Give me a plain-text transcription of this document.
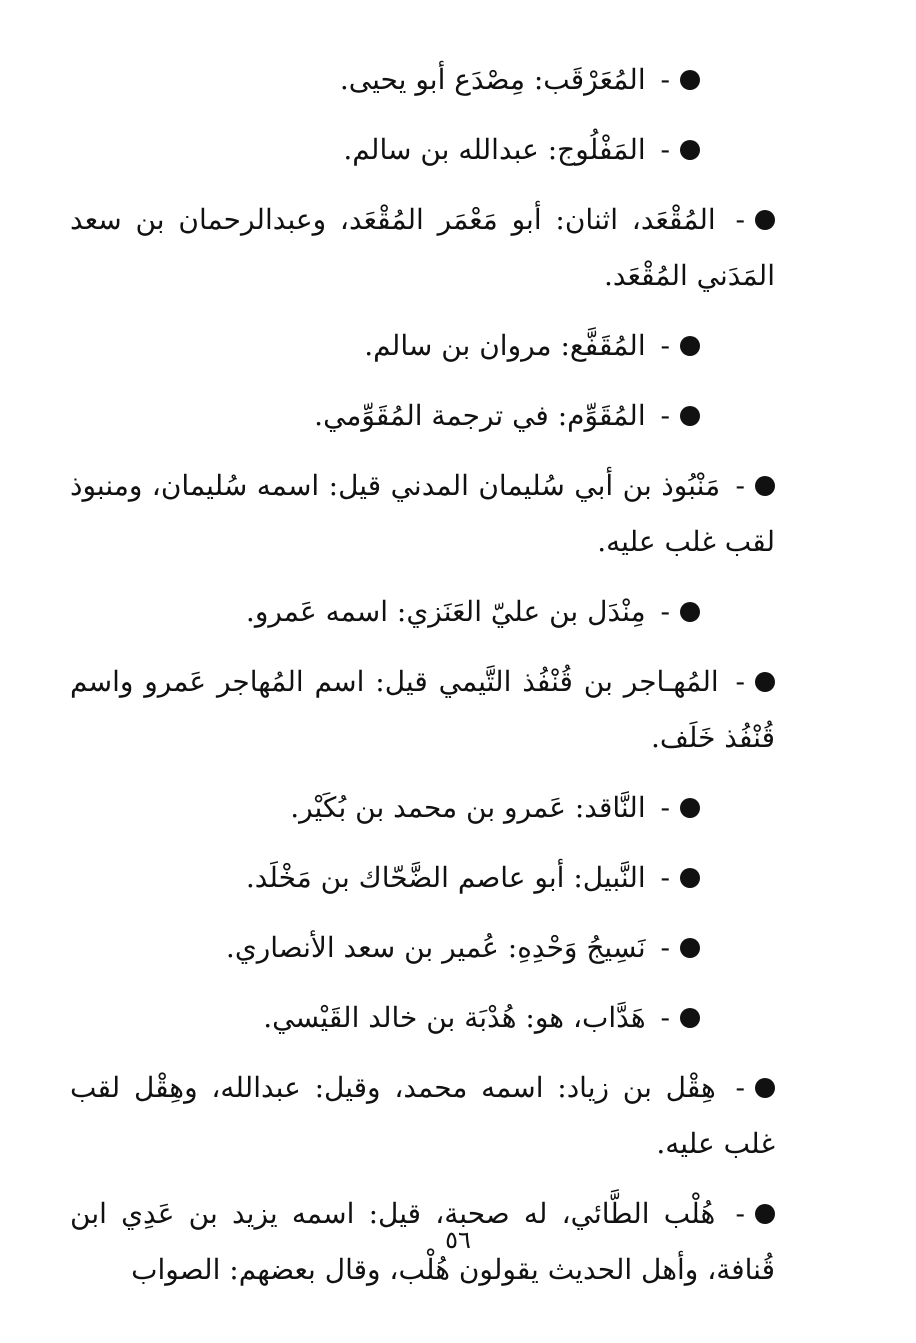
- المُعَرْقَب: مِصْدَع أبو يحيى.

- المَفْلُوج: عبدالله بن سالم.

- المُقْعَد، اثنان: أبو مَعْمَر المُقْعَد، وعبدالرحمان بن سعد المَدَني المُقْعَد.

- المُقَفَّع: مروان بن سالم.

- المُقَوِّم: في ترجمة المُقَوِّمي.

- مَنْبُوذ بن أبي سُليمان المدني قيل: اسمه سُليمان، ومنبوذ لقب غلب عليه.

- مِنْدَل بن عليّ العَنَزي: اسمه عَمرو.

- المُهـاجر بن قُنْفُذ التَّيمي قيل: اسم المُهاجر عَمرو واسم قُنْفُذ خَلَف.

- النَّاقد: عَمرو بن محمد بن بُكَيْر.

- النَّبيل: أبو عاصم الضَّحّاك بن مَخْلَد.

- نَسِيجُ وَحْدِهِ: عُمير بن سعد الأنصاري.

- هَدَّاب، هو: هُدْبَة بن خالد القَيْسي.

- هِقْل بن زياد: اسمه محمد، وقيل: عبدالله، وهِقْل لقب غلب عليه.

- هُلْب الطَّائي، له صحبة، قيل: اسمه يزيد بن عَدِي ابن قُنافة، وأهل الحديث يقولون هُلْب، وقال بعضهم: الصواب

٥٦
